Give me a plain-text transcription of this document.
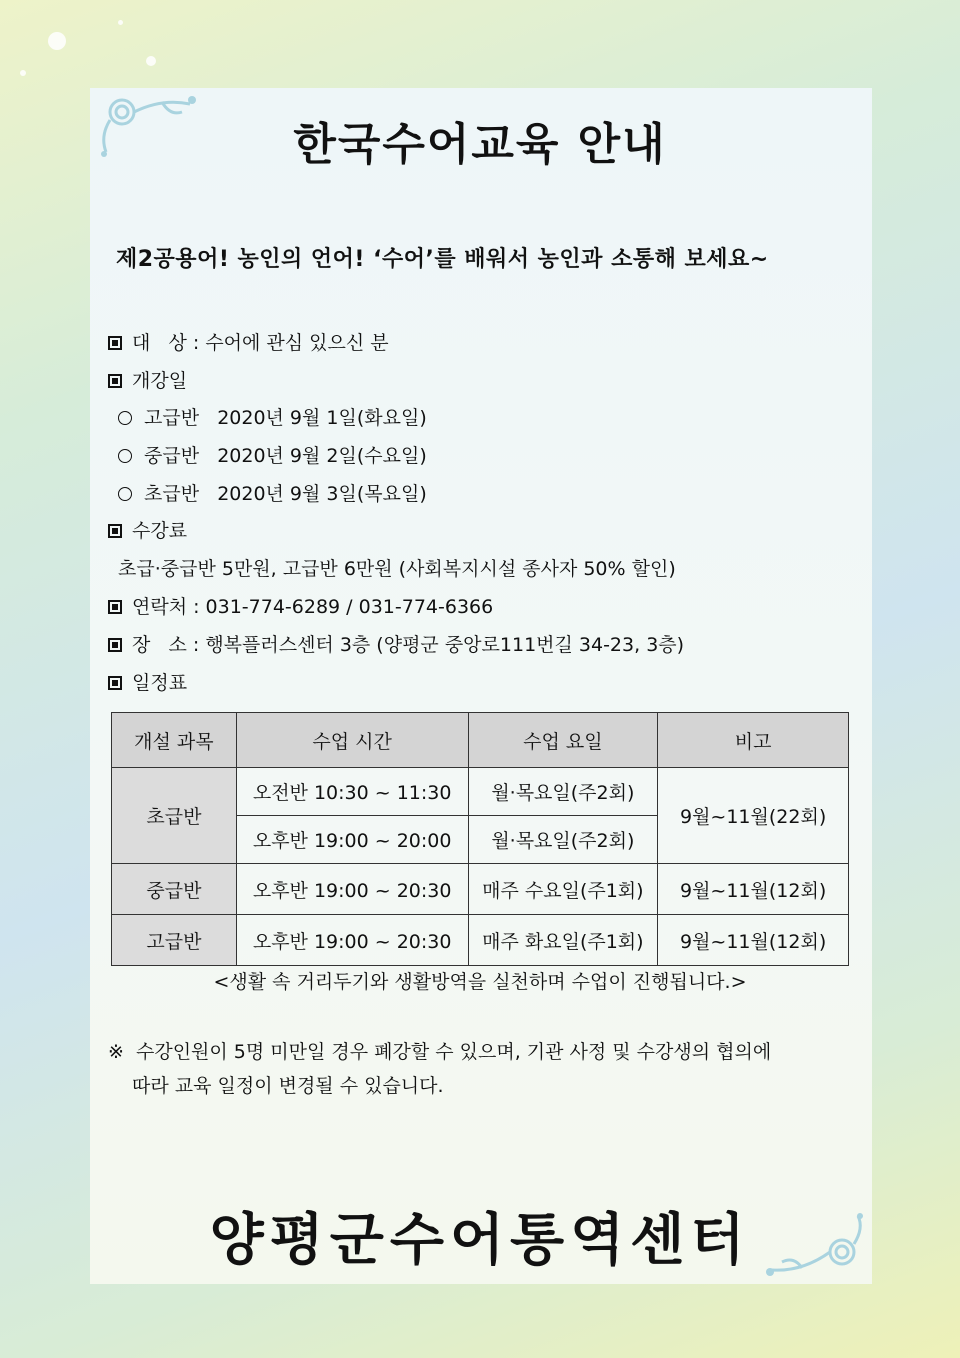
한국수어교육 안내

제2공용어! 농인의 언어! ‘수어’를 배워서 농인과 소통해 보세요~

대   상 : 수어에 관심 있으신 분
개강일
고급반 2020년 9월 1일(화요일)
중급반 2020년 9월 2일(수요일)
초급반 2020년 9월 3일(목요일)
수강료
초급·중급반 5만원, 고급반 6만원 (사회복지시설 종사자 50% 할인)
연락처 : 031-774-6289 / 031-774-6366
장   소 : 행복플러스센터 3층 (양평군 중앙로111번길 34-23, 3층)
일정표
개설 과목	수업 시간	수업 요일	비고
초급반	오전반 10:30 ~ 11:30	월·목요일(주2회)	9월~11월(22회)
	오후반 19:00 ~ 20:00	월·목요일(주2회)	
중급반	오후반 19:00 ~ 20:30	매주 수요일(주1회)	9월~11월(12회)
고급반	오후반 19:00 ~ 20:30	매주 화요일(주1회)	9월~11월(12회)
<생활 속 거리두기와 생활방역을 실천하며 수업이 진행됩니다.>
※  수강인원이 5명 미만일 경우 폐강할 수 있으며, 기관 사정 및 수강생의 협의에
따라 교육 일정이 변경될 수 있습니다.
양평군수어통역센터
